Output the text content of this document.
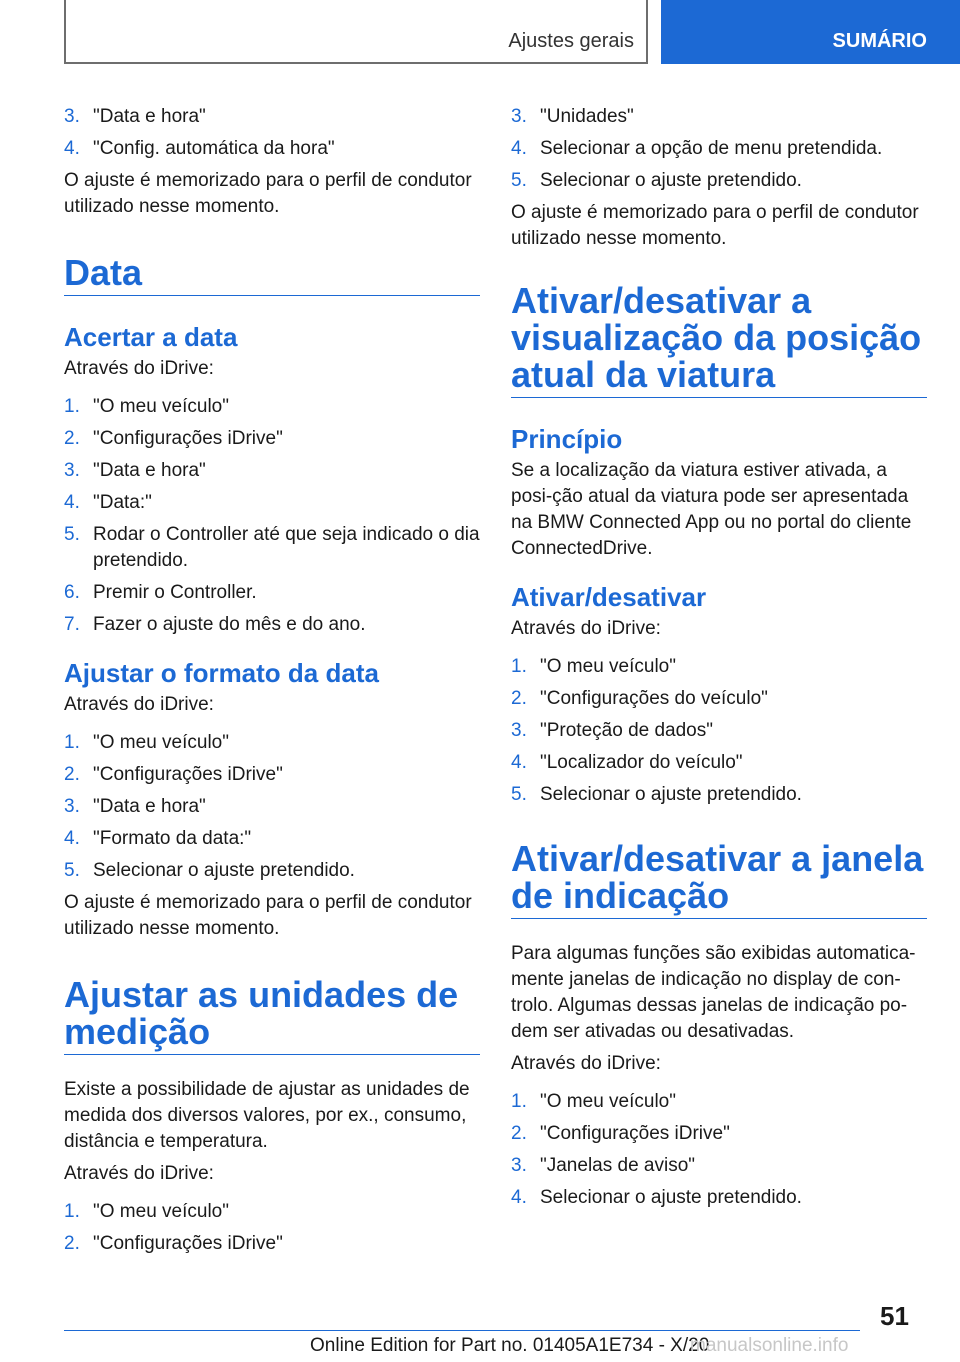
Ajustes gerais	SUMÁRIO
3. "Data e hora"
4. "Config. automática da hora"

O ajuste é memorizado para o perfil de condutor utilizado nesse momento.

Data
Acertar a data

Através do iDrive:

1. "O meu veículo"
2. "Configurações iDrive"
3. "Data e hora"
4. "Data:"
5. Rodar o Controller até que seja indicado o dia pretendido.
6. Premir o Controller.
7. Fazer o ajuste do mês e do ano.
Ajustar o formato da data

Através do iDrive:

1. "O meu veículo"
2. "Configurações iDrive"
3. "Data e hora"
4. "Formato da data:"
5. Selecionar o ajuste pretendido.

O ajuste é memorizado para o perfil de condutor utilizado nesse momento.

Ajustar as unidades de medição

Existe a possibilidade de ajustar as unidades de medida dos diversos valores, por ex., consumo, distância e temperatura.

Através do iDrive:

1. "O meu veículo"
2. "Configurações iDrive"
3. "Unidades"
4. Selecionar a opção de menu pretendida.
5. Selecionar o ajuste pretendido.

O ajuste é memorizado para o perfil de condutor utilizado nesse momento.

Ativar/desativar a visualização da posição atual da viatura
Princípio

Se a localização da viatura estiver ativada, a posi-ção atual da viatura pode ser apresentada na BMW Connected App ou no portal do cliente ConnectedDrive.

Ativar/desativar

Através do iDrive:

1. "O meu veículo"
2. "Configurações do veículo"
3. "Proteção de dados"
4. "Localizador do veículo"
5. Selecionar o ajuste pretendido.
Ativar/desativar a janela de indicação

Para algumas funções são exibidas automatica-mente janelas de indicação no display de con-trolo. Algumas dessas janelas de indicação po-dem ser ativadas ou desativadas.

Através do iDrive:

1. "O meu veículo"
2. "Configurações iDrive"
3. "Janelas de aviso"
4. Selecionar o ajuste pretendido.
51
Online Edition for Part no. 01405A1E734 - X/20
manualsonline.info
